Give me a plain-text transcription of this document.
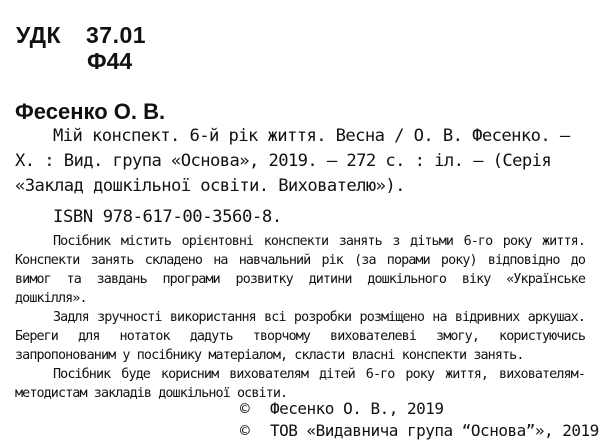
УДК 37.01
Ф44
Фесенко О. В.

Мій конспект. 6-й рік життя. Весна / О. В. Фесенко. — Х. : Вид. група «Основа», 2019. — 272 с. : іл. — (Серія «Заклад дошкільної освіти. Вихователю»).

ISBN 978-617-00-3560-8.

Посібник містить орієнтовні конспекти занять з дітьми 6-го року життя. Конспекти занять складено на навчальний рік (за порами року) відповідно до вимог та завдань програми розвитку дитини дошкільного віку «Українське дошкілля».

Задля зручності використання всі розробки розміщено на відривних аркушах. Береги для нотаток дадуть творчому вихователеві змогу, користуючись запропонованим у посібнику матеріалом, скласти власні конспекти занять.

Посібник буде корисним вихователям дітей 6-го року життя, вихователям-методистам закладів дошкільної освіти.

© Фесенко О. В., 2019
© ТОВ «Видавнича група “Основа”», 2019
